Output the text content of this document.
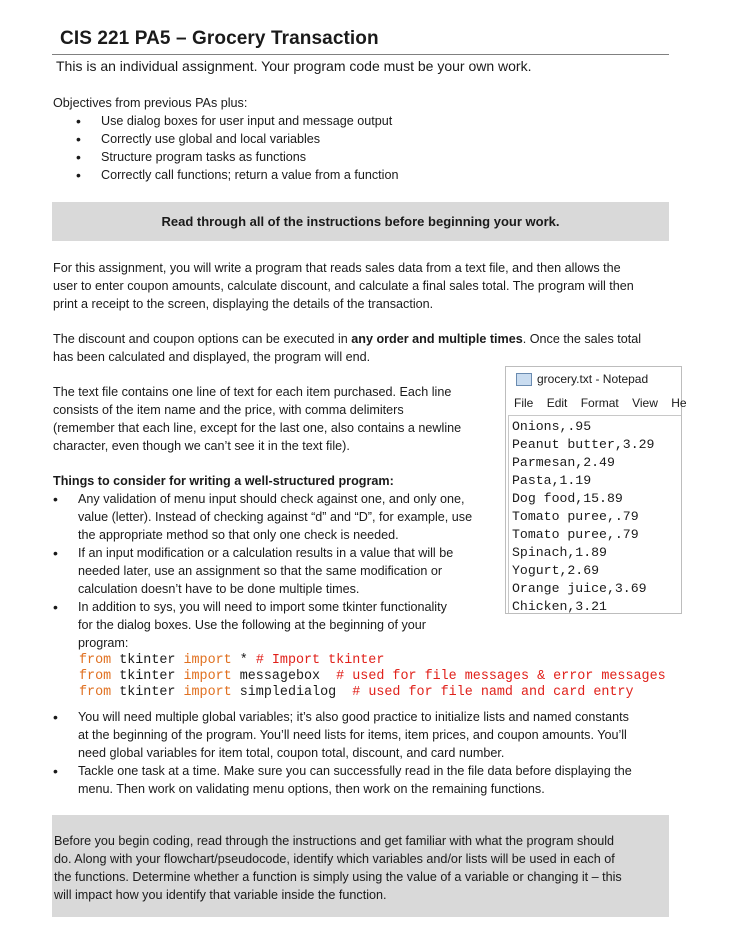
CIS 221 PA5 – Grocery Transaction
This is an individual assignment. Your program code must be your own work.
Objectives from previous PAs plus:
• Use dialog boxes for user input and message output
• Correctly use global and local variables
• Structure program tasks as functions
• Correctly call functions; return a value from a function
Read through all of the instructions before beginning your work.
For this assignment, you will write a program that reads sales data from a text file, and then allows the
user to enter coupon amounts, calculate discount, and calculate a final sales total. The program will then
print a receipt to the screen, displaying the details of the transaction.
The discount and coupon options can be executed in any order and multiple times. Once the sales total
has been calculated and displayed, the program will end.
The text file contains one line of text for each item purchased. Each line
consists of the item name and the price, with comma delimiters
(remember that each line, except for the last one, also contains a newline
character, even though we can’t see it in the text file).
grocery.txt - Notepad
File Edit Format View He
Onions,.95
Peanut butter,3.29
Parmesan,2.49
Pasta,1.19
Dog food,15.89
Tomato puree,.79
Tomato puree,.79
Spinach,1.89
Yogurt,2.69
Orange juice,3.69
Chicken,3.21
Things to consider for writing a well-structured program:
• Any validation of menu input should check against one, and only one,
value (letter). Instead of checking against “d” and “D”, for example, use
the appropriate method so that only one check is needed.
• If an input modification or a calculation results in a value that will be
needed later, use an assignment so that the same modification or
calculation doesn’t have to be done multiple times.
• In addition to sys, you will need to import some tkinter functionality
for the dialog boxes. Use the following at the beginning of your
program:
from tkinter import * # Import tkinter
from tkinter import messagebox  # used for file messages & error messages
from tkinter import simpledialog  # used for file namd and card entry
• You will need multiple global variables; it’s also good practice to initialize lists and named constants
at the beginning of the program. You’ll need lists for items, item prices, and coupon amounts. You’ll
need global variables for item total, coupon total, discount, and card number.
• Tackle one task at a time. Make sure you can successfully read in the file data before displaying the
menu. Then work on validating menu options, then work on the remaining functions.
Before you begin coding, read through the instructions and get familiar with what the program should
do. Along with your flowchart/pseudocode, identify which variables and/or lists will be used in each of
the functions. Determine whether a function is simply using the value of a variable or changing it – this
will impact how you identify that variable inside the function.
